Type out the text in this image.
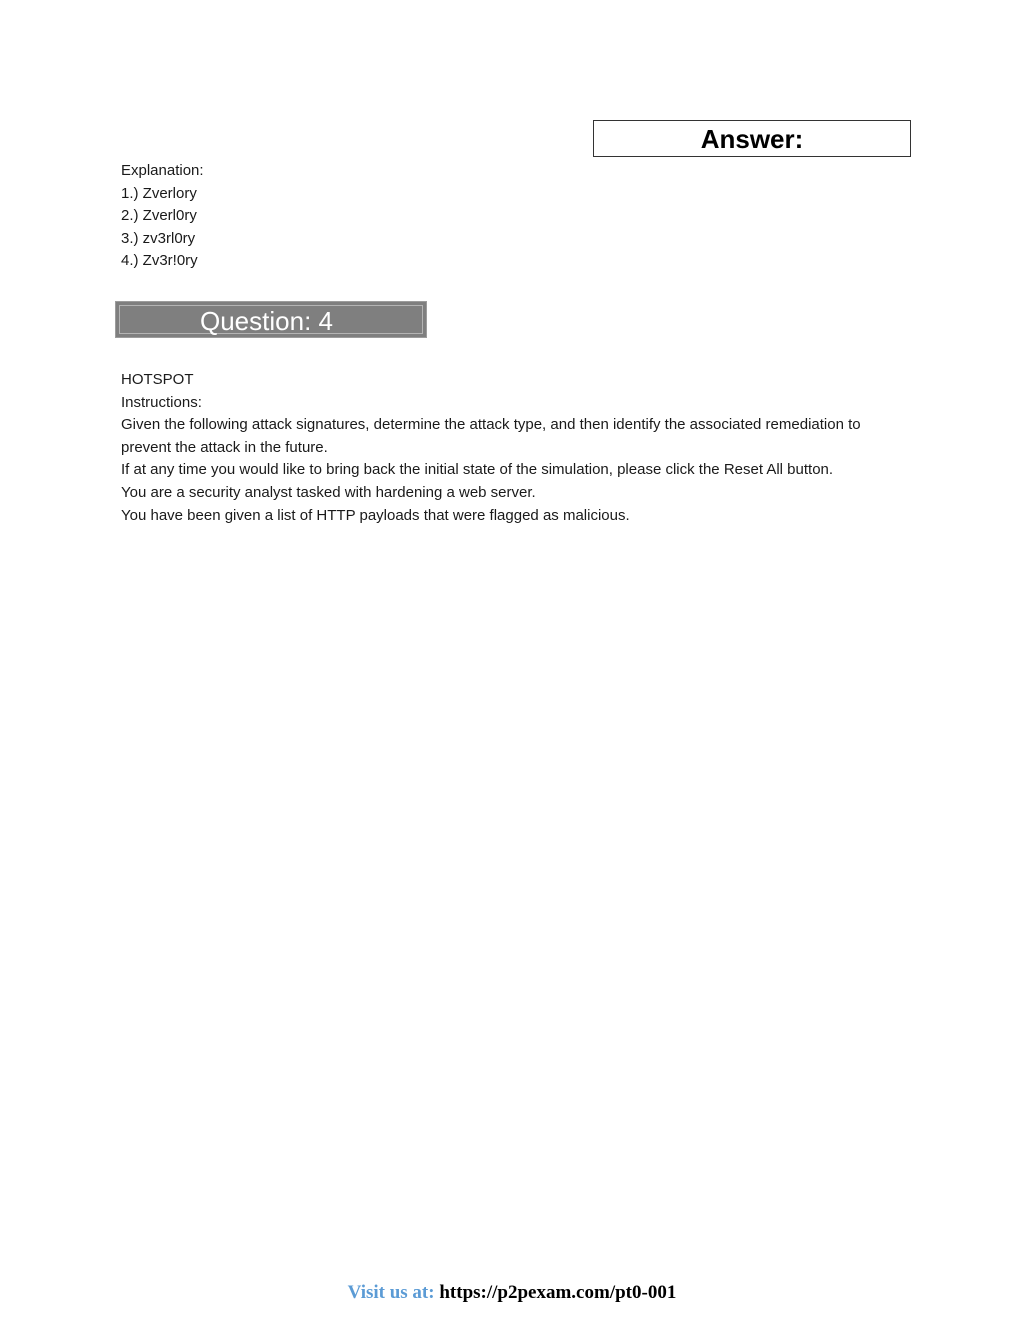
Answer:
Explanation:
1.) Zverlory
2.) Zverl0ry
3.) zv3rl0ry
4.) Zv3r!0ry
Question: 4
HOTSPOT
Instructions:
Given the following attack signatures, determine the attack type, and then identify the associated remediation to prevent the attack in the future.
If at any time you would like to bring back the initial state of the simulation, please click the Reset All button.
You are a security analyst tasked with hardening a web server.
You have been given a list of HTTP payloads that were flagged as malicious.
Visit us at: https://p2pexam.com/pt0-001
